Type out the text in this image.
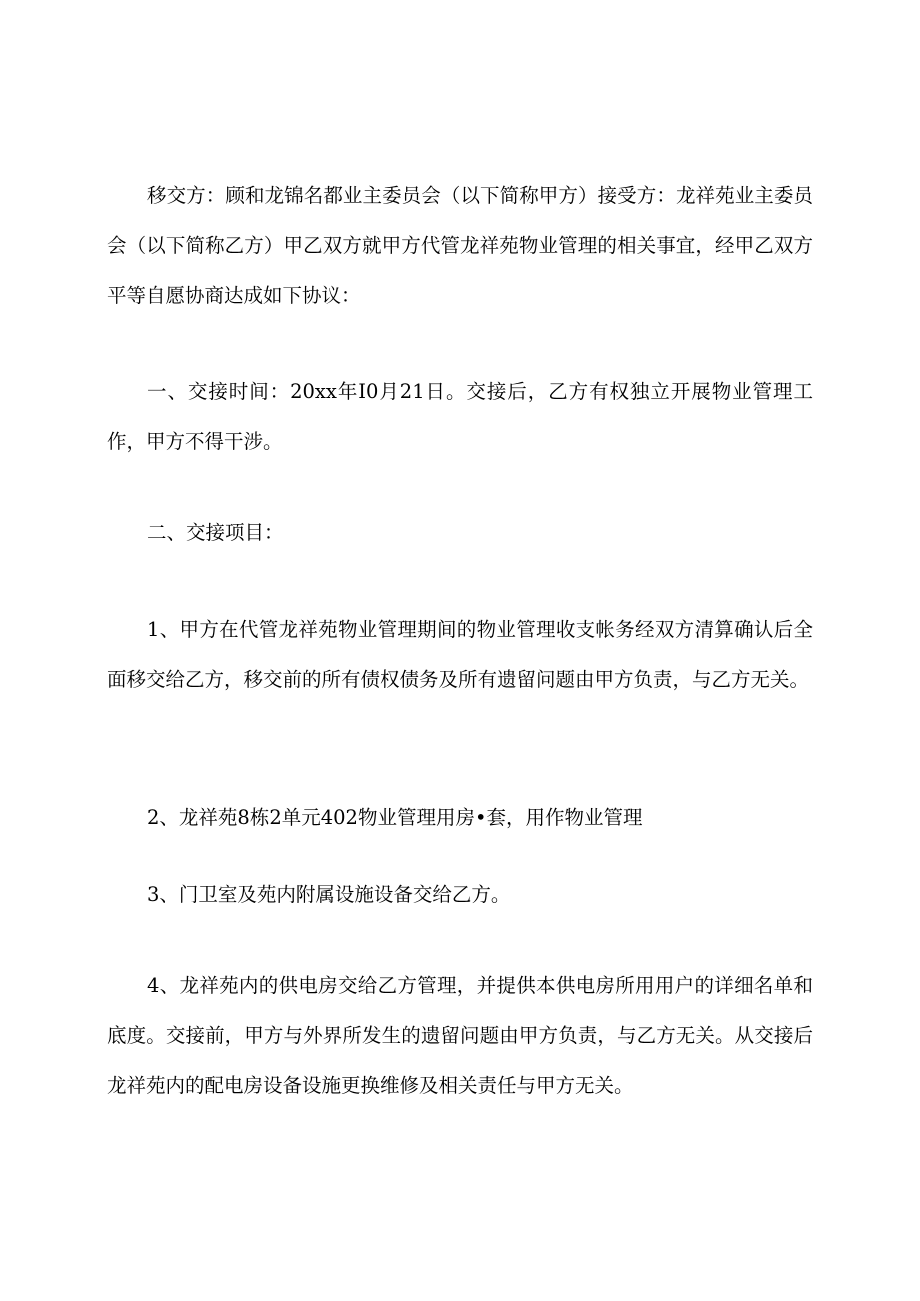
移交方：顾和龙锦名都业主委员会（以下简称甲方）接受方：龙祥苑业主委员会（以下简称乙方）甲乙双方就甲方代管龙祥苑物业管理的相关事宜，经甲乙双方平等自愿协商达成如下协议：

一、交接时间：20xx年I0月21日。交接后，乙方有权独立开展物业管理工作，甲方不得干涉。

二、交接项目：

1、甲方在代管龙祥苑物业管理期间的物业管理收支帐务经双方清算确认后全面移交给乙方，移交前的所有债权债务及所有遗留问题由甲方负责，与乙方无关。

2、龙祥苑8栋2单元402物业管理用房•套，用作物业管理

3、门卫室及苑内附属设施设备交给乙方。

4、龙祥苑内的供电房交给乙方管理，并提供本供电房所用用户的详细名单和底度。交接前，甲方与外界所发生的遗留问题由甲方负责，与乙方无关。从交接后龙祥苑内的配电房设备设施更换维修及相关责任与甲方无关。
